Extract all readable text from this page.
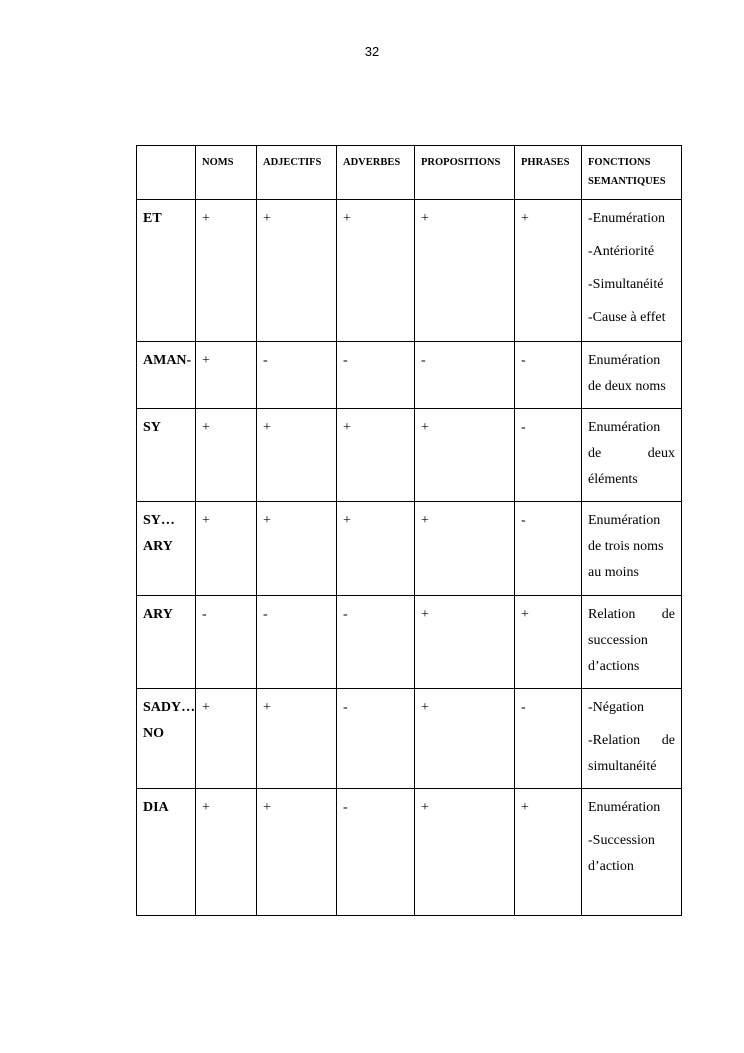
32
	NOMS	ADJECTIFS	ADVERBES	PROPOSITIONS	PHRASES	FONCTIONS SEMANTIQUES
ET	+	+	+	+	+	-Enumération

-Antériorité

-Simultanéité

-Cause à effet

AMAN-	+	-	-	-	-	Enumération de deux noms

SY	+	+	+	+	-	Enumération de deux éléments

SY…ARY	+	+	+	+	-	Enumération de trois noms au moins

ARY	-	-	-	+	+	Relation de succession d’actions

SADY…NO	+	+	-	+	-	-Négation

-Relation de simultanéité

DIA	+	+	-	+	+	Enumération

-Succession d’action
